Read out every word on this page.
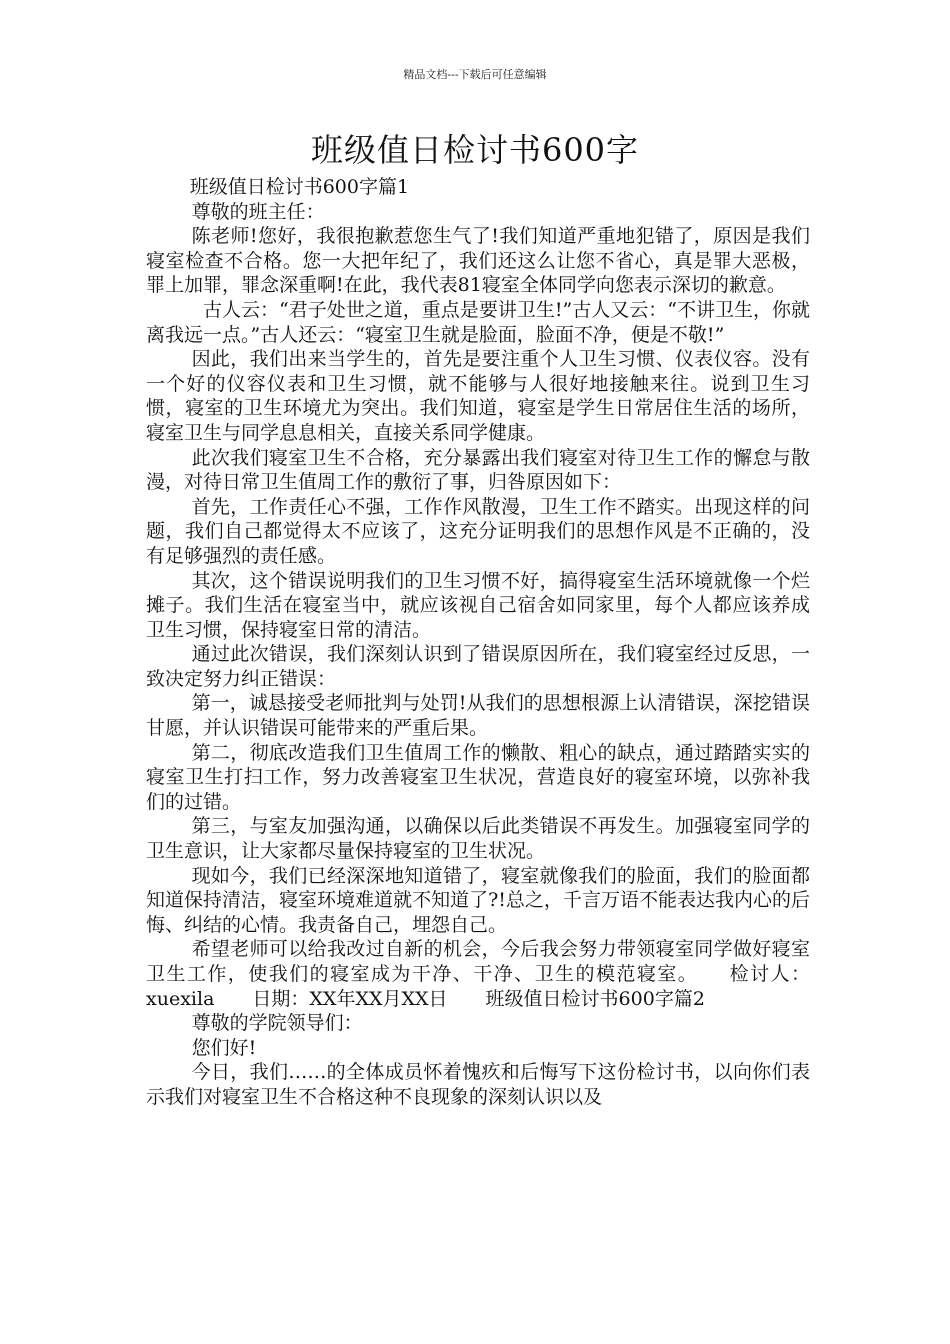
精品文档---下载后可任意编辑
班级值日检讨书600字

班级值日检讨书600字篇1

尊敬的班主任：

陈老师!您好，我很抱歉惹您生气了!我们知道严重地犯错了，原因是我们寝室检查不合格。您一大把年纪了，我们还这么让您不省心，真是罪大恶极，罪上加罪，罪念深重啊!在此，我代表81寝室全体同学向您表示深切的歉意。

古人云：“君子处世之道，重点是要讲卫生!”古人又云：“不讲卫生，你就离我远一点。”古人还云：“寝室卫生就是脸面，脸面不净，便是不敬!”

因此，我们出来当学生的，首先是要注重个人卫生习惯、仪表仪容。没有一个好的仪容仪表和卫生习惯，就不能够与人很好地接触来往。说到卫生习惯，寝室的卫生环境尤为突出。我们知道，寝室是学生日常居住生活的场所，寝室卫生与同学息息相关，直接关系同学健康。

此次我们寝室卫生不合格，充分暴露出我们寝室对待卫生工作的懈怠与散漫，对待日常卫生值周工作的敷衍了事，归咎原因如下：

首先，工作责任心不强，工作作风散漫，卫生工作不踏实。出现这样的问题，我们自己都觉得太不应该了，这充分证明我们的思想作风是不正确的，没有足够强烈的责任感。

其次，这个错误说明我们的卫生习惯不好，搞得寝室生活环境就像一个烂摊子。我们生活在寝室当中，就应该视自己宿舍如同家里，每个人都应该养成卫生习惯，保持寝室日常的清洁。

通过此次错误，我们深刻认识到了错误原因所在，我们寝室经过反思，一致决定努力纠正错误：

第一，诚恳接受老师批判与处罚!从我们的思想根源上认清错误，深挖错误甘愿，并认识错误可能带来的严重后果。

第二，彻底改造我们卫生值周工作的懒散、粗心的缺点，通过踏踏实实的寝室卫生打扫工作，努力改善寝室卫生状况，营造良好的寝室环境，以弥补我们的过错。

第三，与室友加强沟通，以确保以后此类错误不再发生。加强寝室同学的卫生意识，让大家都尽量保持寝室的卫生状况。

现如今，我们已经深深地知道错了，寝室就像我们的脸面，我们的脸面都知道保持清洁，寝室环境难道就不知道了?!总之，千言万语不能表达我内心的后悔、纠结的心情。我责备自己，埋怨自己。

希望老师可以给我改过自新的机会，今后我会努力带领寝室同学做好寝室卫生工作，使我们的寝室成为干净、干净、卫生的模范寝室。　　检讨人：xuexila　　日期：XX年XX月XX日　　班级值日检讨书600字篇2

尊敬的学院领导们：

您们好!

今日，我们……的全体成员怀着愧疚和后悔写下这份检讨书，以向你们表示我们对寝室卫生不合格这种不良现象的深刻认识以及
